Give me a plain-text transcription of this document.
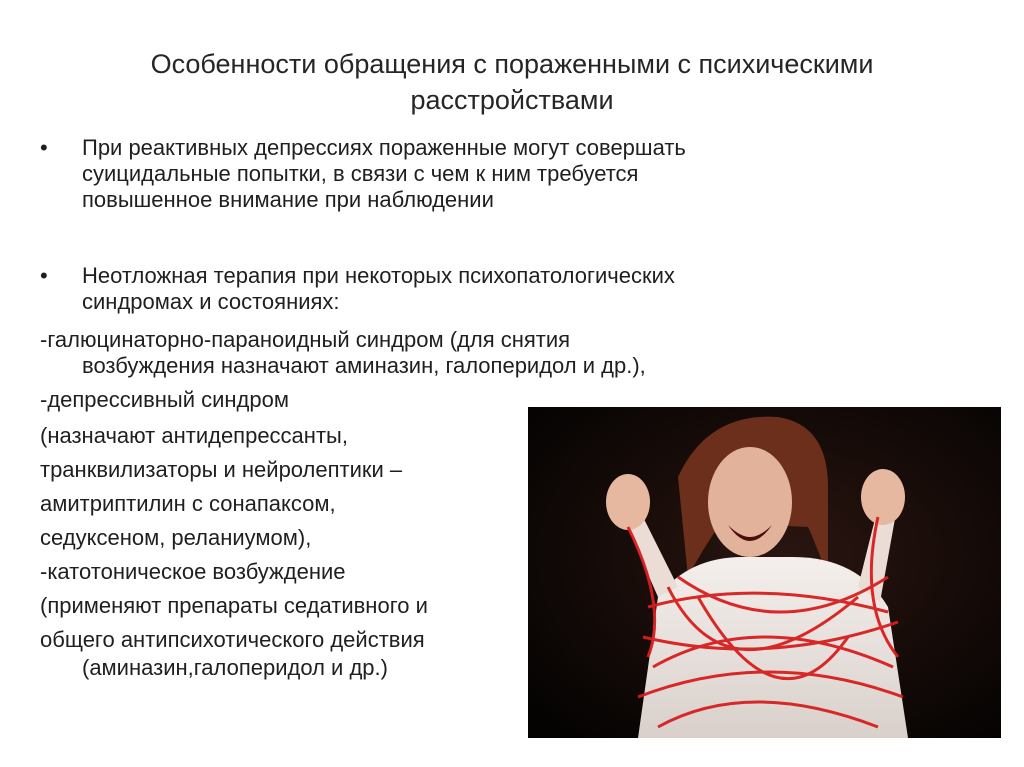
Особенности обращения с пораженными с психическими расстройствами
• При реактивных депрессиях пораженные могут совершать суицидальные попытки, в связи с чем к ним требуется повышенное внимание при наблюдении
• Неотложная терапия при некоторых психопатологических синдромах и состояниях:
-галюцинаторно-параноидный синдром (для снятия
возбуждения назначают аминазин, галоперидол и др.),
-депрессивный синдром
(назначают антидепрессанты,
транквилизаторы и нейролептики –
амитриптилин с сонапаксом,
седуксеном, реланиумом),
-катотоническое возбуждение
(применяют препараты седативного и
общего антипсихотического действия
(аминазин,галоперидол и др.)
